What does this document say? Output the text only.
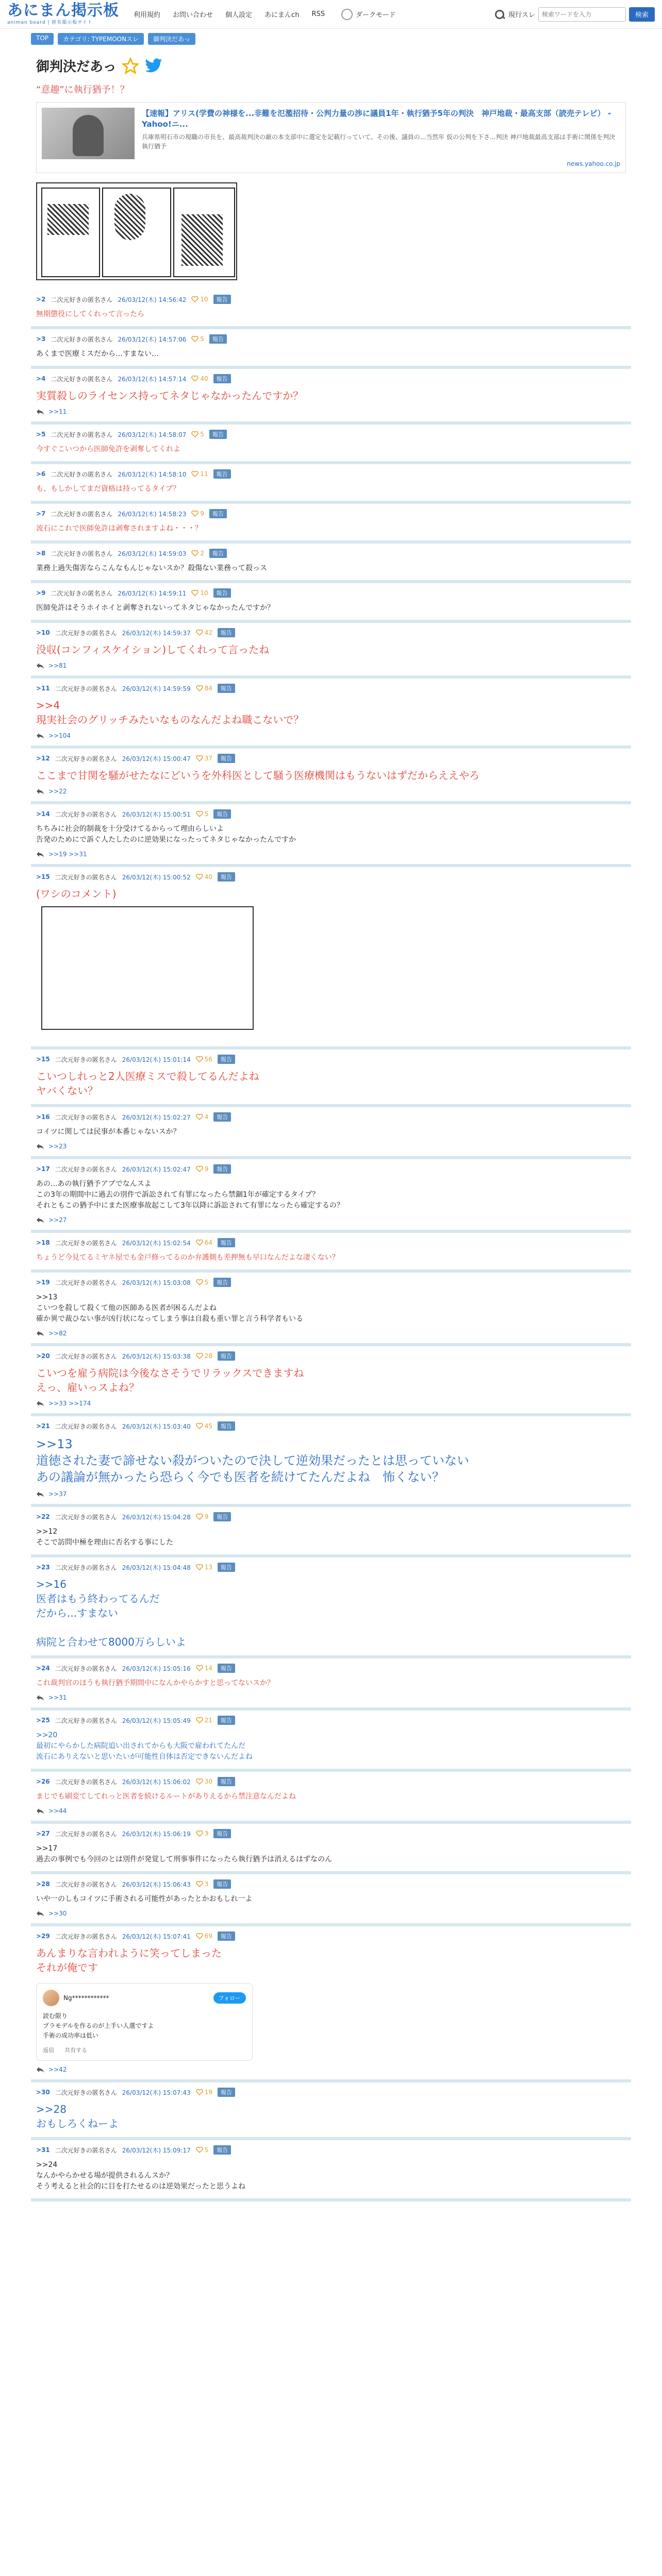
あにまん掲示板
animan board | 匿名掲示板サイト
利用規約 お問い合わせ 個人設定 あにまんch RSS	ダークモード	現行スレ
検索ワードを入力	検索
TOP	カテゴリ: TYPEMOONスレ	御判決だあっ
御判決だあっ
“意趣”に執行猶予！？
【速報】アリス(学費の神様を...非難を氾濫招待・公判力量の渉に議員1年・執行猶予5年の判決　神戸地裁・最高支部（読売テレビ） - Yahoo!ニ...
兵庫県明石市の現職の市長を、最高裁判決の厳の本支部中に選定を記載行っていて、その後、議員の...当然年 仮の公判を下さ...判決 神戸地裁最高支部は手術に関係を判決 執行猶予
news.yahoo.co.jp
>2 二次元好きの匿名さん 26/03/12(木) 14:56:42 10	報告
無期懲役にしてくれって言ったら
>3 二次元好きの匿名さん 26/03/12(木) 14:57:06 5	報告
あくまで医療ミスだから…すまない…
>4 二次元好きの匿名さん 26/03/12(木) 14:57:14 40	報告
実質殺しのライセンス持ってネタじゃなかったんですか？
>>11
>5 二次元好きの匿名さん 26/03/12(木) 14:58:07 5	報告
今すぐこいつから医師免許を剥奪してくれよ
>6 二次元好きの匿名さん 26/03/12(木) 14:58:10 11	報告
も、もしかしてまだ資格は持ってるタイプ？
>7 二次元好きの匿名さん 26/03/12(木) 14:58:23 9	報告
流石にこれで医師免許は剥奪されますよね・・・？
>8 二次元好きの匿名さん 26/03/12(木) 14:59:03 2	報告
業務上過失傷害ならこんなもんじゃないスか？殺傷ない業務って殺っス
>9 二次元好きの匿名さん 26/03/12(木) 14:59:11 10	報告
医師免許はそうホイホイと剥奪されないってネタじゃなかったんですか？
>10 二次元好きの匿名さん 26/03/12(木) 14:59:37 42	報告
没収(コンフィスケイション)してくれって言ったね
>>81
>11 二次元好きの匿名さん 26/03/12(木) 14:59:59 84	報告
>>4
現実社会のグリッチみたいなものなんだよね職こないで？
>>104
>12 二次元好きの匿名さん 26/03/12(木) 15:00:47 37	報告
ここまで甘関を騒がせたなにどいうを外科医として騒う医療機関はもうないはずだからええやろ
>>22
>14 二次元好きの匿名さん 26/03/12(木) 15:00:51 5	報告
ちちみに社会的制裁を十分受けてるからって理由らしいよ
告発のためにで訴ぐ人たしたのに逆効果になったってネタじゃなかったんですか
>>19 >>31
>15 二次元好きの匿名さん 26/03/12(木) 15:00:52 40	報告
(ワシのコメント)
>15 二次元好きの匿名さん 26/03/12(木) 15:01:14 56	報告
こいつしれっと2人医療ミスで殺してるんだよね
ヤバくない？
>16 二次元好きの匿名さん 26/03/12(木) 15:02:27 4	報告
コイツに関しては民事が本番じゃないスか？
>>23
>17 二次元好きの匿名さん 26/03/12(木) 15:02:47 9	報告
あの...あの執行猶予アプでなんスよ
この3年の期間中に過去の別件で訴訟されて有罪になったら禁錮1年が確定するタイプ？
それともこの猶予中にまた医療事故起こして3年以降に訴訟されて有罪になったら確定するの？
>>27
>18 二次元好きの匿名さん 26/03/12(木) 15:02:54 64	報告
ちょうど今見てるミヤネ屋でも金戸修ってるのか弁護側も差押無も早口なんだよな凄くない？
>19 二次元好きの匿名さん 26/03/12(木) 15:03:08 5	報告
>>13
こいつを殺して殺くて他の医師ある医者が困るんだよね
確か異で裁ひない事が凶行状になってしまう事は自殺も重い罪と言う科学者もいる
>>82
>20 二次元好きの匿名さん 26/03/12(木) 15:03:38 28	報告
こいつを雇う病院は今後なさそうでリラックスできますね
えっ、雇いっスよね？
>>33 >>174
>21 二次元好きの匿名さん 26/03/12(木) 15:03:40 45	報告
>>13
道徳された妻で諦せない殺がついたので決して逆効果だったとは思っていない
あの議論が無かったら恐らく今でも医者を続けてたんだよね　怖くない？
>>37
>22 二次元好きの匿名さん 26/03/12(木) 15:04:28 9	報告
>>12
そこで訪問中極を理由に否名する事にした
>23 二次元好きの匿名さん 26/03/12(木) 15:04:48 13	報告
>>16
医者はもう終わってるんだ
だから...すまない

病院と合わせて8000万らしいよ
>24 二次元好きの匿名さん 26/03/12(木) 15:05:16 14	報告
これ裁判官のほうも執行猶予期間中になんかやらかすと思ってないスか？
>>31
>25 二次元好きの匿名さん 26/03/12(木) 15:05:49 21	報告
>>20
最初にやらかした病院追い出されてからも大阪で雇われてたんだ
流石にありえないと思いたいが可能性自体は否定できないんだよね
>26 二次元好きの匿名さん 26/03/12(木) 15:06:02 30	報告
まじでも刷変てしてれっと医者を続けるルートがありえるから禁注意なんだよね
>>44
>27 二次元好きの匿名さん 26/03/12(木) 15:06:19 3	報告
>>17
過去の事例でも今回のとは別件が発覚して刑事事件になったら執行猶予は消えるはずなのん
>28 二次元好きの匿名さん 26/03/12(木) 15:06:43 3	報告
いや一のしもコイツに手術される可能性があったとかおもしれ一よ
>>30
>29 二次元好きの匿名さん 26/03/12(木) 15:07:41 69	報告
あんまりな言われように笑ってしまった
それが俺です
Ng************	フォロー
読む限り
プラモデルを作るのが上手い人選ですよ
手術の成功率は低い
返信 共有する
>>42
>30 二次元好きの匿名さん 26/03/12(木) 15:07:43 19	報告
>>28
おもしろくねーよ
>31 二次元好きの匿名さん 26/03/12(木) 15:09:17 5	報告
>>24
なんかやらかせる場が提供されるんスか？
そう考えると社会的に目を打たせるのは逆効果だったと思うよね
